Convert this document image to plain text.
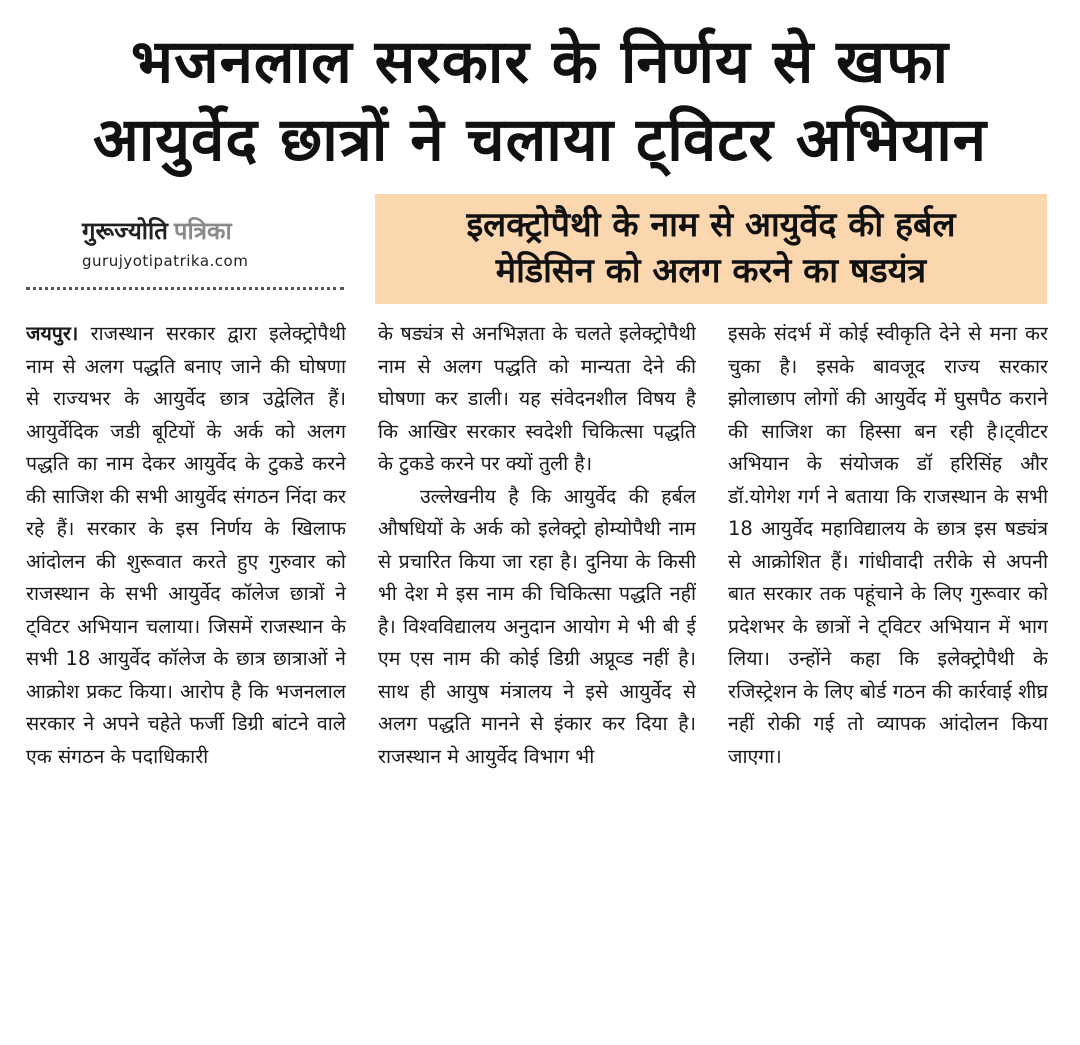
भजनलाल सरकार के निर्णय से खफा
आयुर्वेद छात्रों ने चलाया ट्विटर अभियान
गुरूज्योति पत्रिका
gurujyotipatrika.com
इलक्ट्रोपैथी के नाम से आयुर्वेद की हर्बल
मेडिसिन को अलग करने का षडयंत्र

जयपुर। राजस्थान सरकार द्वारा इलेक्ट्रोपैथी नाम से अलग पद्धति बनाए जाने की घोषणा से राज्यभर के आयुर्वेद छात्र उद्वेलित हैं। आयुर्वेदिक जडी बूटियों के अर्क को अलग पद्धति का नाम देकर आयुर्वेद के टुकडे करने की साजिश की सभी आयुर्वेद संगठन निंदा कर रहे हैं। सरकार के इस निर्णय के खिलाफ आंदोलन की शुरूवात करते हुए गुरुवार को राजस्थान के सभी आयुर्वेद कॉलेज छात्रों ने ट्विटर अभियान चलाया। जिसमें राजस्थान के सभी 18 आयुर्वेद कॉलेज के छात्र छात्राओं ने आक्रोश प्रकट किया। आरोप है कि भजनलाल सरकार ने अपने चहेते फर्जी डिग्री बांटने वाले एक संगठन के पदाधिकारी

के षड्यंत्र से अनभिज्ञता के चलते इलेक्ट्रोपैथी नाम से अलग पद्धति को मान्यता देने की घोषणा कर डाली। यह संवेदनशील विषय है कि आखिर सरकार स्वदेशी चिकित्सा पद्धति के टुकडे करने पर क्यों तुली है।

उल्लेखनीय है कि आयुर्वेद की हर्बल औषधियों के अर्क को इलेक्ट्रो होम्योपैथी नाम से प्रचारित किया जा रहा है। दुनिया के किसी भी देश मे इस नाम की चिकित्सा पद्धति नहीं है। विश्वविद्यालय अनुदान आयोग मे भी बी ई एम एस नाम की कोई डिग्री अप्रूव्ड नहीं है। साथ ही आयुष मंत्रालय ने इसे आयुर्वेद से अलग पद्धति मानने से इंकार कर दिया है। राजस्थान मे आयुर्वेद विभाग भी

इसके संदर्भ में कोई स्वीकृति देने से मना कर चुका है। इसके बावजूद राज्य सरकार झोलाछाप लोगों की आयुर्वेद में घुसपैठ कराने की साजिश का हिस्सा बन रही है।ट्वीटर अभियान के संयोजक डॉ हरिसिंह और डॉ.योगेश गर्ग ने बताया कि राजस्थान के सभी 18 आयुर्वेद महाविद्यालय के छात्र इस षड्यंत्र से आक्रोशित हैं। गांधीवादी तरीके से अपनी बात सरकार तक पहूंचाने के लिए गुरूवार को प्रदेशभर के छात्रों ने ट्विटर अभियान में भाग लिया। उन्होंने कहा कि इलेक्ट्रोपैथी के रजिस्ट्रेशन के लिए बोर्ड गठन की कार्रवाई शीघ्र नहीं रोकी गई तो व्यापक आंदोलन किया जाएगा।
